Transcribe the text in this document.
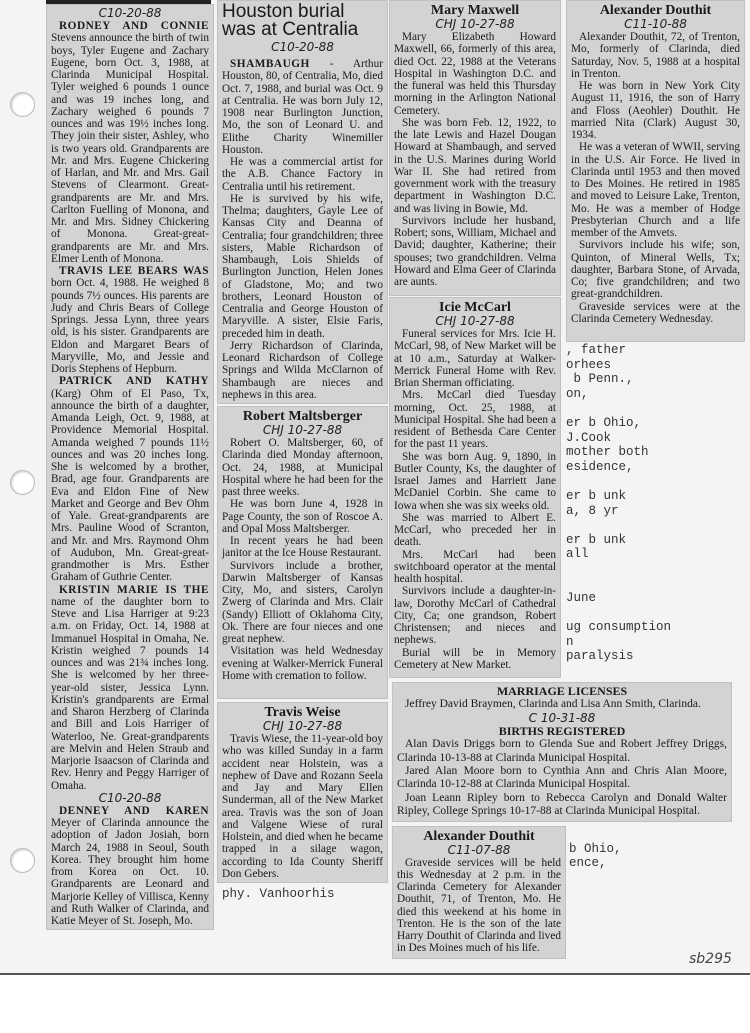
C10-20-88

RODNEY AND CONNIE Stevens announce the birth of twin boys, Tyler Eugene and Zachary Eugene, born Oct. 3, 1988, at Clarinda Municipal Hospital. Tyler weighed 6 pounds 1 ounce and was 19 inches long, and Zachary weighed 6 pounds 7 ounces and was 19½ inches long. They join their sister, Ashley, who is two years old. Grandparents are Mr. and Mrs. Eugene Chickering of Harlan, and Mr. and Mrs. Gail Stevens of Clearmont. Great-grandparents are Mr. and Mrs. Carlton Fuelling of Monona, and Mr. and Mrs. Sidney Chickering of Monona. Great-great-grandparents are Mr. and Mrs. Elmer Lenth of Monona.

TRAVIS LEE BEARS WAS born Oct. 4, 1988. He weighed 8 pounds 7½ ounces. His parents are Judy and Chris Bears of College Springs. Jessa Lynn, three years old, is his sister. Grandparents are Eldon and Margaret Bears of Maryville, Mo, and Jessie and Doris Stephens of Hepburn.

PATRICK AND KATHY (Karg) Ohm of El Paso, Tx, announce the birth of a daughter, Amanda Leigh, Oct. 9, 1988, at Providence Memorial Hospital. Amanda weighed 7 pounds 11½ ounces and was 20 inches long. She is welcomed by a brother, Brad, age four. Grandparents are Eva and Eldon Fine of New Market and George and Bev Ohm of Yale. Great-grandparents are Mrs. Pauline Wood of Scranton, and Mr. and Mrs. Raymond Ohm of Audubon, Mn. Great-great-grandmother is Mrs. Esther Graham of Guthrie Center.

KRISTIN MARIE IS THE name of the daughter born to Steve and Lisa Harriger at 9:23 a.m. on Friday, Oct. 14, 1988 at Immanuel Hospital in Omaha, Ne. Kristin weighed 7 pounds 14 ounces and was 21¾ inches long. She is welcomed by her three-year-old sister, Jessica Lynn. Kristin's grandparents are Ermal and Sharon Herzberg of Clarinda and Bill and Lois Harriger of Waterloo, Ne. Great-grandparents are Melvin and Helen Straub and Marjorie Isaacson of Clarinda and Rev. Henry and Peggy Harriger of Omaha.

C10-20-88

DENNEY AND KAREN Meyer of Clarinda announce the adoption of Jadon Josiah, born March 24, 1988 in Seoul, South Korea. They brought him home from Korea on Oct. 10. Grandparents are Leonard and Marjorie Kelley of Villisca, Kenny and Ruth Walker of Clarinda, and Katie Meyer of St. Joseph, Mo.

Houston burial was at Centralia
C10-20-88

SHAMBAUGH - Arthur Houston, 80, of Centralia, Mo, died Oct. 7, 1988, and burial was Oct. 9 at Centralia. He was born July 12, 1908 near Burlington Junction, Mo, the son of Leonard U. and Elithe Charity Winemiller Houston.

He was a commercial artist for the A.B. Chance Factory in Centralia until his retirement.

He is survived by his wife, Thelma; daughters, Gayle Lee of Kansas City and Deanna of Centralia; four grandchildren; three sisters, Mable Richardson of Shambaugh, Lois Shields of Burlington Junction, Helen Jones of Gladstone, Mo; and two brothers, Leonard Houston of Centralia and George Houston of Maryville. A sister, Elsie Faris, preceded him in death.

Jerry Richardson of Clarinda, Leonard Richardson of College Springs and Wilda McClarnon of Shambaugh are nieces and nephews in this area.

Robert Maltsberger
CHJ 10-27-88

Robert O. Maltsberger, 60, of Clarinda died Monday afternoon, Oct. 24, 1988, at Municipal Hospital where he had been for the past three weeks.

He was born June 4, 1928 in Page County, the son of Roscoe A. and Opal Moss Maltsberger.

In recent years he had been janitor at the Ice House Restaurant.

Survivors include a brother, Darwin Maltsberger of Kansas City, Mo, and sisters, Carolyn Zwerg of Clarinda and Mrs. Clair (Sandy) Elliott of Oklahoma City, Ok. There are four nieces and one great nephew.

Visitation was held Wednesday evening at Walker-Merrick Funeral Home with cremation to follow.

Travis Weise
CHJ 10-27-88

Travis Wiese, the 11-year-old boy who was killed Sunday in a farm accident near Holstein, was a nephew of Dave and Rozann Seela and Jay and Mary Ellen Sunderman, all of the New Market area. Travis was the son of Joan and Valgene Wiese of rural Holstein, and died when he became trapped in a silage wagon, according to Ida County Sheriff Don Gebers.

phy. Vanhoorhis
Mary Maxwell
CHJ 10-27-88

Mary Elizabeth Howard Maxwell, 66, formerly of this area, died Oct. 22, 1988 at the Veterans Hospital in Washington D.C. and the funeral was held this Thursday morning in the Arlington National Cemetery.

She was born Feb. 12, 1922, to the late Lewis and Hazel Dougan Howard at Shambaugh, and served in the U.S. Marines during World War II. She had retired from government work with the treasury department in Washington D.C. and was living in Bowie, Md.

Survivors include her husband, Robert; sons, William, Michael and David; daughter, Katherine; their spouses; two grandchildren. Velma Howard and Elma Geer of Clarinda are aunts.

Icie McCarl
CHJ 10-27-88

Funeral services for Mrs. Icie H. McCarl, 98, of New Market will be at 10 a.m., Saturday at Walker-Merrick Funeral Home with Rev. Brian Sherman officiating.

Mrs. McCarl died Tuesday morning, Oct. 25, 1988, at Municipal Hospital. She had been a resident of Bethesda Care Center for the past 11 years.

She was born Aug. 9, 1890, in Butler County, Ks, the daughter of Israel James and Harriett Jane McDaniel Corbin. She came to Iowa when she was six weeks old.

She was married to Albert E. McCarl, who preceded her in death.

Mrs. McCarl had been switchboard operator at the mental health hospital.

Survivors include a daughter-in-law, Dorothy McCarl of Cathedral City, Ca; one grandson, Robert Christensen; and nieces and nephews.

Burial will be in Memory Cemetery at New Market.

Alexander Douthit
C11-10-88

Alexander Douthit, 72, of Trenton, Mo, formerly of Clarinda, died Saturday, Nov. 5, 1988 at a hospital in Trenton.

He was born in New York City August 11, 1916, the son of Harry and Floss (Aeohler) Douthit. He married Nita (Clark) August 30, 1934.

He was a veteran of WWII, serving in the U.S. Air Force. He lived in Clarinda until 1953 and then moved to Des Moines. He retired in 1985 and moved to Leisure Lake, Trenton, Mo. He was a member of Hodge Presbyterian Church and a life member of the Amvets.

Survivors include his wife; son, Quinton, of Mineral Wells, Tx; daughter, Barbara Stone, of Arvada, Co; five grandchildren; and two great-grandchildren.

Graveside services were at the Clarinda Cemetery Wednesday.

, father
orhees
b Penn.,
on,
er b Ohio,
J.Cook
mother both
esidence,
er b unk
a, 8 yr
er b unk
all
June
ug consumption
n
paralysis
MARRIAGE LICENSES

Jeffrey David Braymen, Clarinda and Lisa Ann Smith, Clarinda.

C 10-31-88
BIRTHS REGISTERED

Alan Davis Driggs born to Glenda Sue and Robert Jeffrey Driggs, Clarinda 10-13-88 at Clarinda Municipal Hospital.

Jared Alan Moore born to Cynthia Ann and Chris Alan Moore, Clarinda 10-12-88 at Clarinda Municipal Hospital.

Joan Leann Ripley born to Rebecca Carolyn and Donald Walter Ripley, College Springs 10-17-88 at Clarinda Municipal Hospital.

Alexander Douthit
C11-07-88

Graveside services will be held this Wednesday at 2 p.m. in the Clarinda Cemetery for Alexander Douthit, 71, of Trenton, Mo. He died this weekend at his home in Trenton. He is the son of the late Harry Douthit of Clarinda and lived in Des Moines much of his life.

b Ohio,
ence,
sb295
